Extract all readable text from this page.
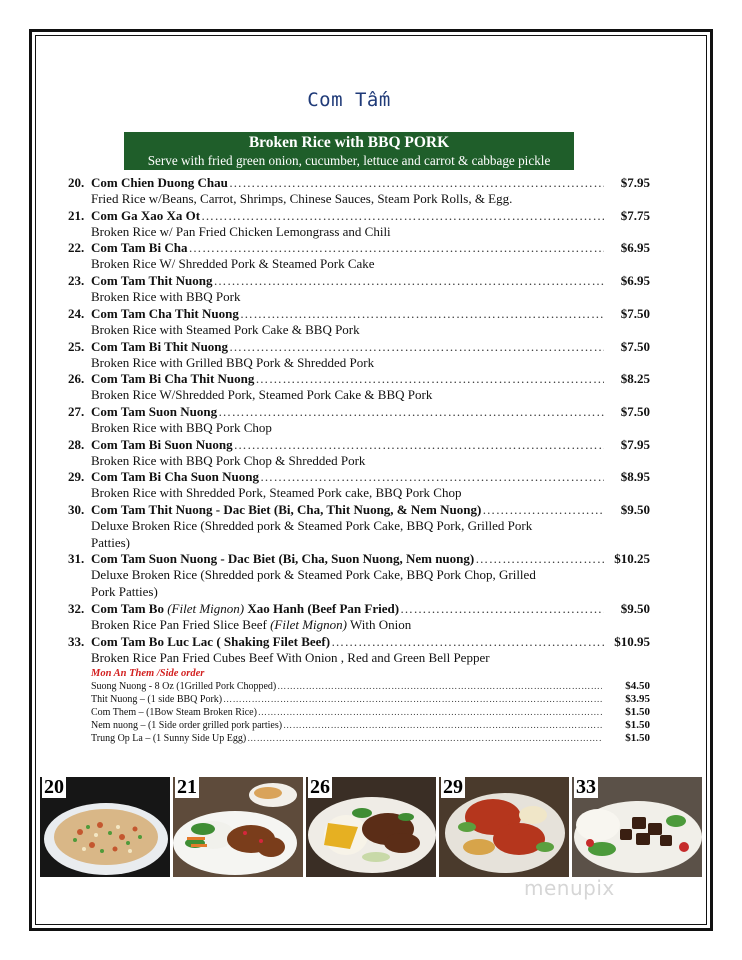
Com Tấm
Broken Rice with BBQ PORK
Serve with fried green onion, cucumber, lettuce and carrot & cabbage pickle
20. Com Chien Duong Chau ………………………………………………………………………………………………………………………………………………………………………	$7.95
Fried Rice w/Beans, Carrot, Shrimps, Chinese Sauces, Steam Pork Rolls, & Egg.
21. Com Ga Xao Xa Ot ………………………………………………………………………………………………………………………………………………………………………	$7.75
Broken Rice w/ Pan Fried Chicken Lemongrass and Chili
22. Com Tam Bi Cha ………………………………………………………………………………………………………………………………………………………………………	$6.95
Broken Rice W/ Shredded Pork & Steamed Pork Cake
23. Com Tam Thit Nuong ………………………………………………………………………………………………………………………………………………………………………	$6.95
Broken Rice with BBQ Pork
24. Com Tam Cha Thit Nuong ………………………………………………………………………………………………………………………………………………………………………	$7.50
Broken Rice with Steamed Pork Cake & BBQ Pork
25. Com Tam Bi Thit Nuong ………………………………………………………………………………………………………………………………………………………………………	$7.50
Broken Rice with Grilled BBQ Pork & Shredded Pork
26. Com Tam Bi Cha Thit Nuong ………………………………………………………………………………………………………………………………………………………………………	$8.25
Broken Rice W/Shredded Pork, Steamed Pork Cake & BBQ Pork
27. Com Tam Suon Nuong ………………………………………………………………………………………………………………………………………………………………………	$7.50
Broken Rice with BBQ Pork Chop
28. Com Tam Bi Suon Nuong ………………………………………………………………………………………………………………………………………………………………………	$7.95
Broken Rice with BBQ Pork Chop & Shredded Pork
29. Com Tam Bi Cha Suon Nuong ………………………………………………………………………………………………………………………………………………………………………	$8.95
Broken Rice with Shredded Pork, Steamed Pork cake, BBQ Pork Chop
30. Com Tam Thit Nuong - Dac Biet (Bi, Cha, Thit Nuong, & Nem Nuong) ………………………………………………………………………………………………………………………………………………………………………	$9.50
Deluxe Broken Rice (Shredded pork & Steamed Pork Cake, BBQ Pork, Grilled Pork
Patties)
31. Com Tam Suon Nuong - Dac Biet (Bi, Cha, Suon Nuong, Nem nuong) ………………………………………………………………………………………………………………………………………………………………………	$10.25
Deluxe Broken Rice (Shredded pork & Steamed Pork Cake, BBQ Pork Chop, Grilled
Pork Patties)
32. Com Tam Bo (Filet Mignon) Xao Hanh (Beef Pan Fried) ………………………………………………………………………………………………………………………………………………………………………	$9.50
Broken Rice Pan Fried Slice Beef (Filet Mignon) With Onion
33. Com Tam Bo Luc Lac ( Shaking Filet Beef) ………………………………………………………………………………………………………………………………………………………………………	$10.95
Broken Rice Pan Fried Cubes Beef With Onion , Red and Green Bell Pepper
Mon An Them /Side order
Suong Nuong - 8 Oz (1Grilled Pork Chopped) ………………………………………………………………………………………………………………………………………………………………………	$4.50
Thit Nuong – (1 side BBQ Pork) ………………………………………………………………………………………………………………………………………………………………………	$3.95
Com Them – (1Bow Steam Broken Rice) ………………………………………………………………………………………………………………………………………………………………………	$1.50
Nem nuong – (1 Side order grilled pork parties) ………………………………………………………………………………………………………………………………………………………………………	$1.50
Trung Op La – (1 Sunny Side Up Egg) ………………………………………………………………………………………………………………………………………………………………………	$1.50
20	21	26	29	33
menupix
